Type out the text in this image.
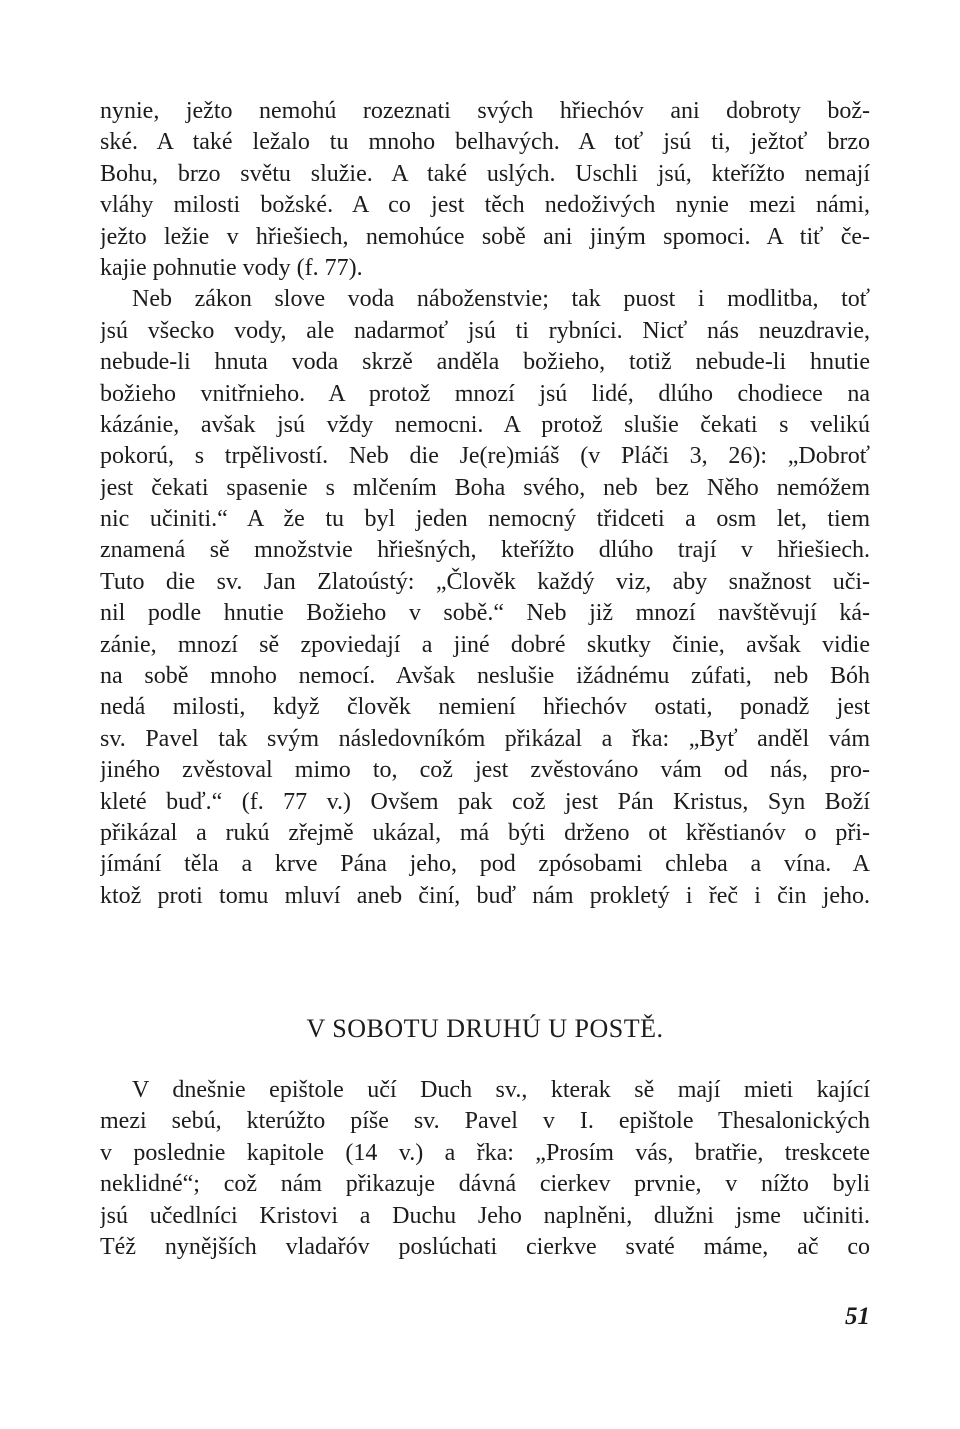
nynie, ježto nemohú rozeznati svých hřiechóv ani dobroty bož-
ské. A také ležalo tu mnoho belhavých. A toť jsú ti, ježtoť brzo
Bohu, brzo světu služie. A také uslých. Uschli jsú, kteřížto nemají
vláhy milosti božské. A co jest těch nedoživých nynie mezi námi,
ježto ležie v hřiešiech, nemohúce sobě ani jiným spomoci. A tiť če-
kajie pohnutie vody (f. 77).
Neb zákon slove voda náboženstvie; tak puost i modlitba, toť
jsú všecko vody, ale nadarmoť jsú ti rybníci. Nicť nás neuzdravie,
nebude-li hnuta voda skrzě anděla božieho, totiž nebude-li hnutie
božieho vnitřnieho. A protož mnozí jsú lidé, dlúho chodiece na
kázánie, avšak jsú vždy nemocni. A protož slušie čekati s velikú
pokorú, s trpělivostí. Neb die Je(re)miáš (v Pláči 3, 26): „Dobroť
jest čekati spasenie s mlčením Boha svého, neb bez Něho nemóžem
nic učiniti.“ A že tu byl jeden nemocný třidceti a osm let, tiem
znamená sě množstvie hřiešných, kteřížto dlúho trají v hřiešiech.
Tuto die sv. Jan Zlatoústý: „Člověk každý viz, aby snažnost uči-
nil podle hnutie Božieho v sobě.“ Neb již mnozí navštěvují ká-
zánie, mnozí sě zpoviedají a jiné dobré skutky činie, avšak vidie
na sobě mnoho nemocí. Avšak neslušie ižádnému zúfati, neb Bóh
nedá milosti, když člověk nemiení hřiechóv ostati, ponadž jest
sv. Pavel tak svým následovníkóm přikázal a řka: „Byť anděl vám
jiného zvěstoval mimo to, což jest zvěstováno vám od nás, pro-
kleté buď.“ (f. 77 v.) Ovšem pak což jest Pán Kristus, Syn Boží
přikázal a rukú zřejmě ukázal, má býti drženo ot křěstianóv o při-
jímání těla a krve Pána jeho, pod zpósobami chleba a vína. A
ktož proti tomu mluví aneb činí, buď nám prokletý i řeč i čin jeho.
V SOBOTU DRUHÚ U POSTĚ.
V dnešnie epištole učí Duch sv., kterak sě mají mieti kající
mezi sebú, kterúžto píše sv. Pavel v I. epištole Thesalonických
v poslednie kapitole (14 v.) a řka: „Prosím vás, bratřie, treskcete
neklidné“; což nám přikazuje dávná cierkev prvnie, v nížto byli
jsú učedlníci Kristovi a Duchu Jeho naplněni, dlužni jsme učiniti.
Též nynějších vladařóv poslúchati cierkve svaté máme, ač co
51
